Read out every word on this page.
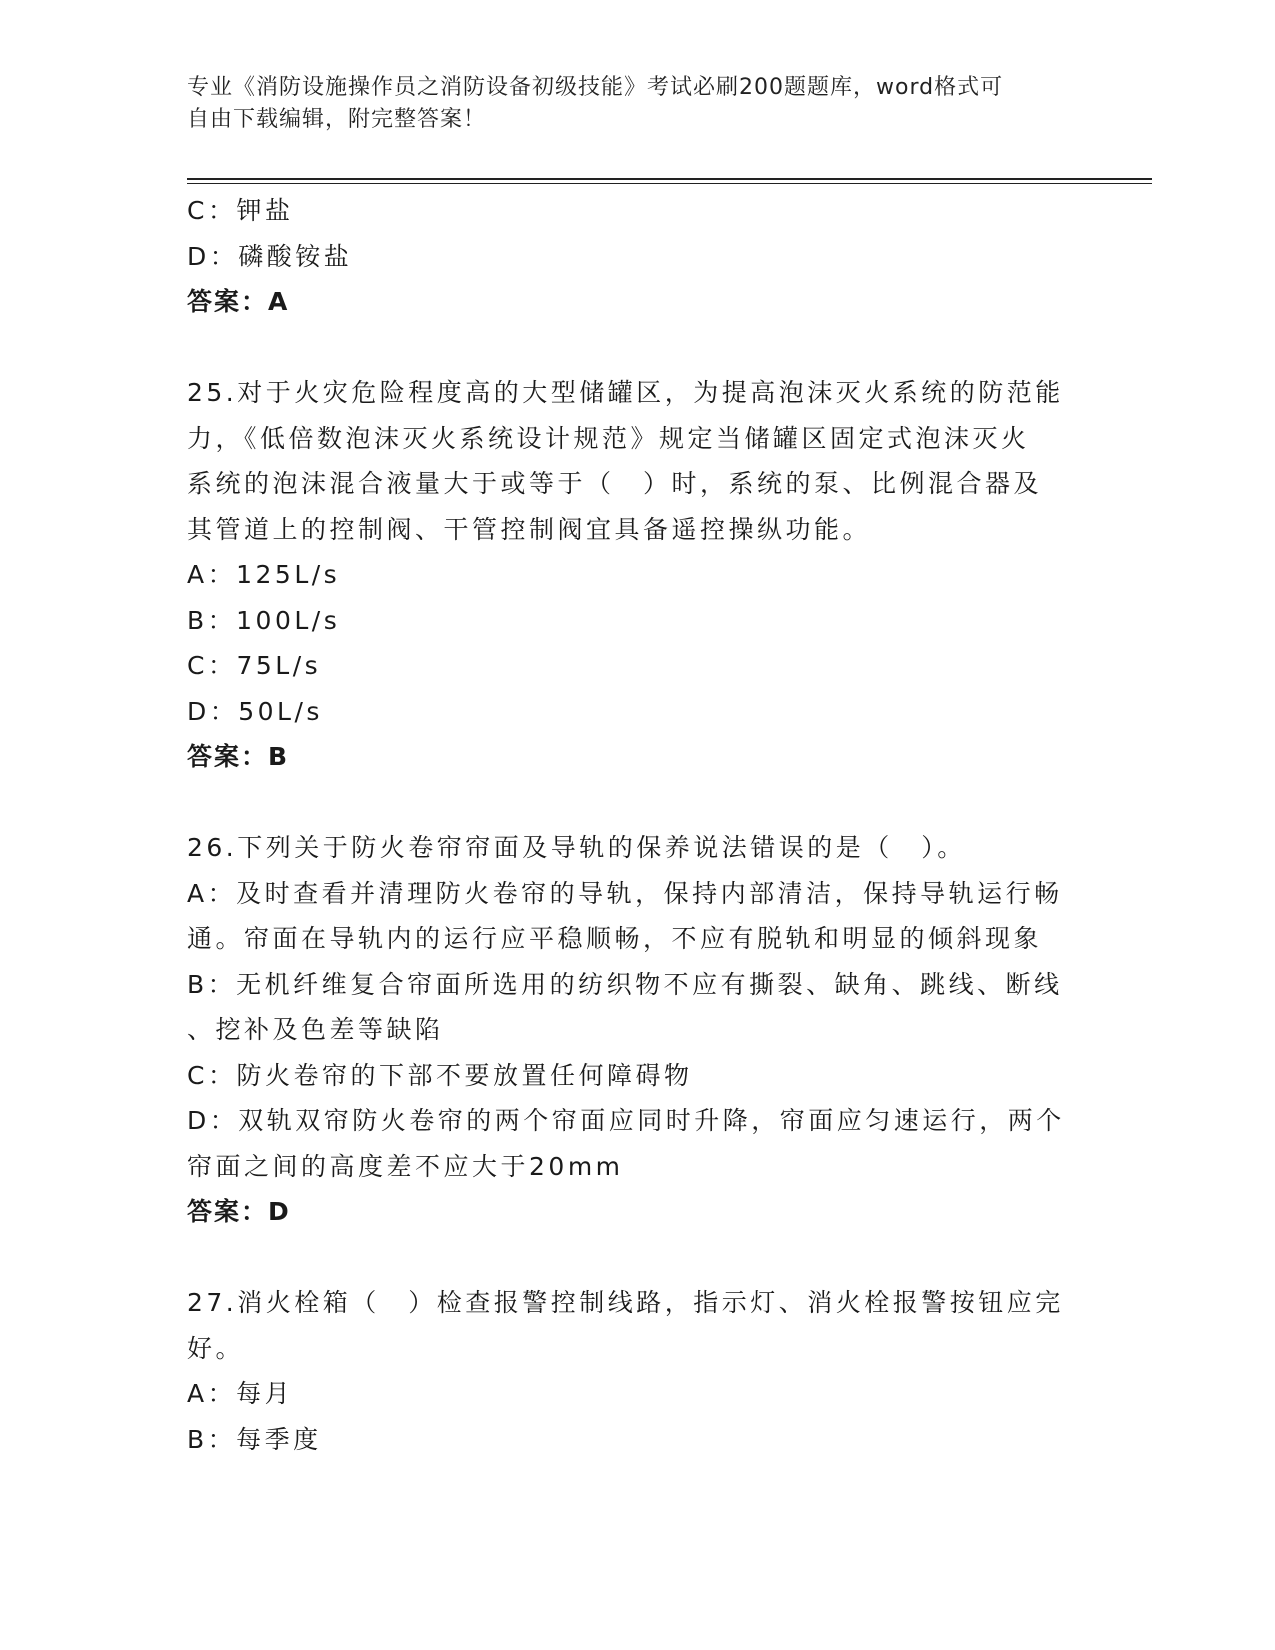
专业《消防设施操作员之消防设备初级技能》考试必刷200题题库，word格式可
自由下载编辑，附完整答案！
C：钾盐
D：磷酸铵盐
答案：A
25.对于火灾危险程度高的大型储罐区，为提高泡沫灭火系统的防范能
力，《低倍数泡沫灭火系统设计规范》规定当储罐区固定式泡沫灭火
系统的泡沫混合液量大于或等于（　）时，系统的泵、比例混合器及
其管道上的控制阀、干管控制阀宜具备遥控操纵功能。
A：125L/s
B：100L/s
C：75L/s
D：50L/s
答案：B
26.下列关于防火卷帘帘面及导轨的保养说法错误的是（　）。
A：及时查看并清理防火卷帘的导轨，保持内部清洁，保持导轨运行畅
通。帘面在导轨内的运行应平稳顺畅，不应有脱轨和明显的倾斜现象
B：无机纤维复合帘面所选用的纺织物不应有撕裂、缺角、跳线、断线
、挖补及色差等缺陷
C：防火卷帘的下部不要放置任何障碍物
D：双轨双帘防火卷帘的两个帘面应同时升降，帘面应匀速运行，两个
帘面之间的高度差不应大于20mm
答案：D
27.消火栓箱（　）检查报警控制线路，指示灯、消火栓报警按钮应完
好。
A：每月
B：每季度
